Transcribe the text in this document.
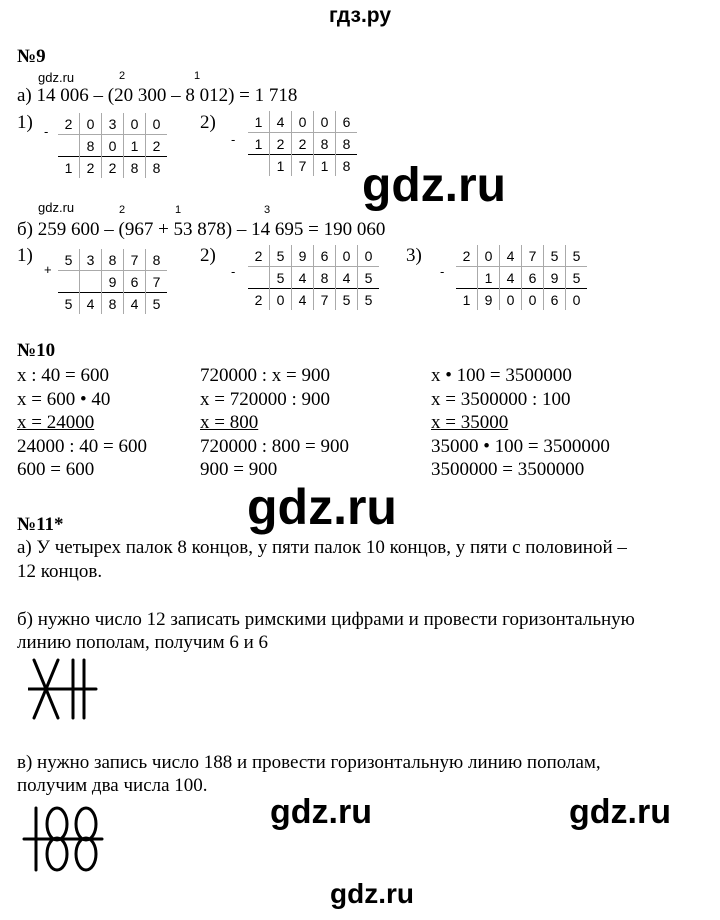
гдз.ру
№9
gdz.ru	2	1
а) 14 006 – (20 300 – 8 012) = 1 718
1) - 2	0	3	0	0
	8	0	1	2
1	2	2	8	8
2)
-
1	4	0	0	6
1	2	2	8	8
	1	7	1	8 gdz.ru
gdz.ru	2	1	3
б) 259 600 – (967 + 53 878) – 14 695 = 190 060
1)
+
5	3	8	7	8
		9	6	7
5	4	8	4	5
2)
-
2	5	9	6	0	0
	5	4	8	4	5
2	0	4	7	5	5
3)
-
2	0	4	7	5	5
	1	4	6	9	5
1	9	0	0	6	0
№10
x : 40 = 600
x = 600 • 40
x = 24000
24000 : 40 = 600
600 = 600
720000 : x = 900
x = 720000 : 900
x = 800
720000 : 800 = 900
900 = 900
x • 100 = 3500000
x = 3500000 : 100
x = 35000
35000 • 100 = 3500000
3500000 = 3500000
gdz.ru
№11*
а) У четырех палок 8 концов, у пяти палок 10 концов, у пяти с половиной –
12 концов.
б) нужно число 12 записать римскими цифрами и провести горизонтальную
линию пополам, получим 6 и 6
в) нужно запись число 188 и провести горизонтальную линию пополам,
получим два числа 100.
gdz.ru	gdz.ru
gdz.ru
